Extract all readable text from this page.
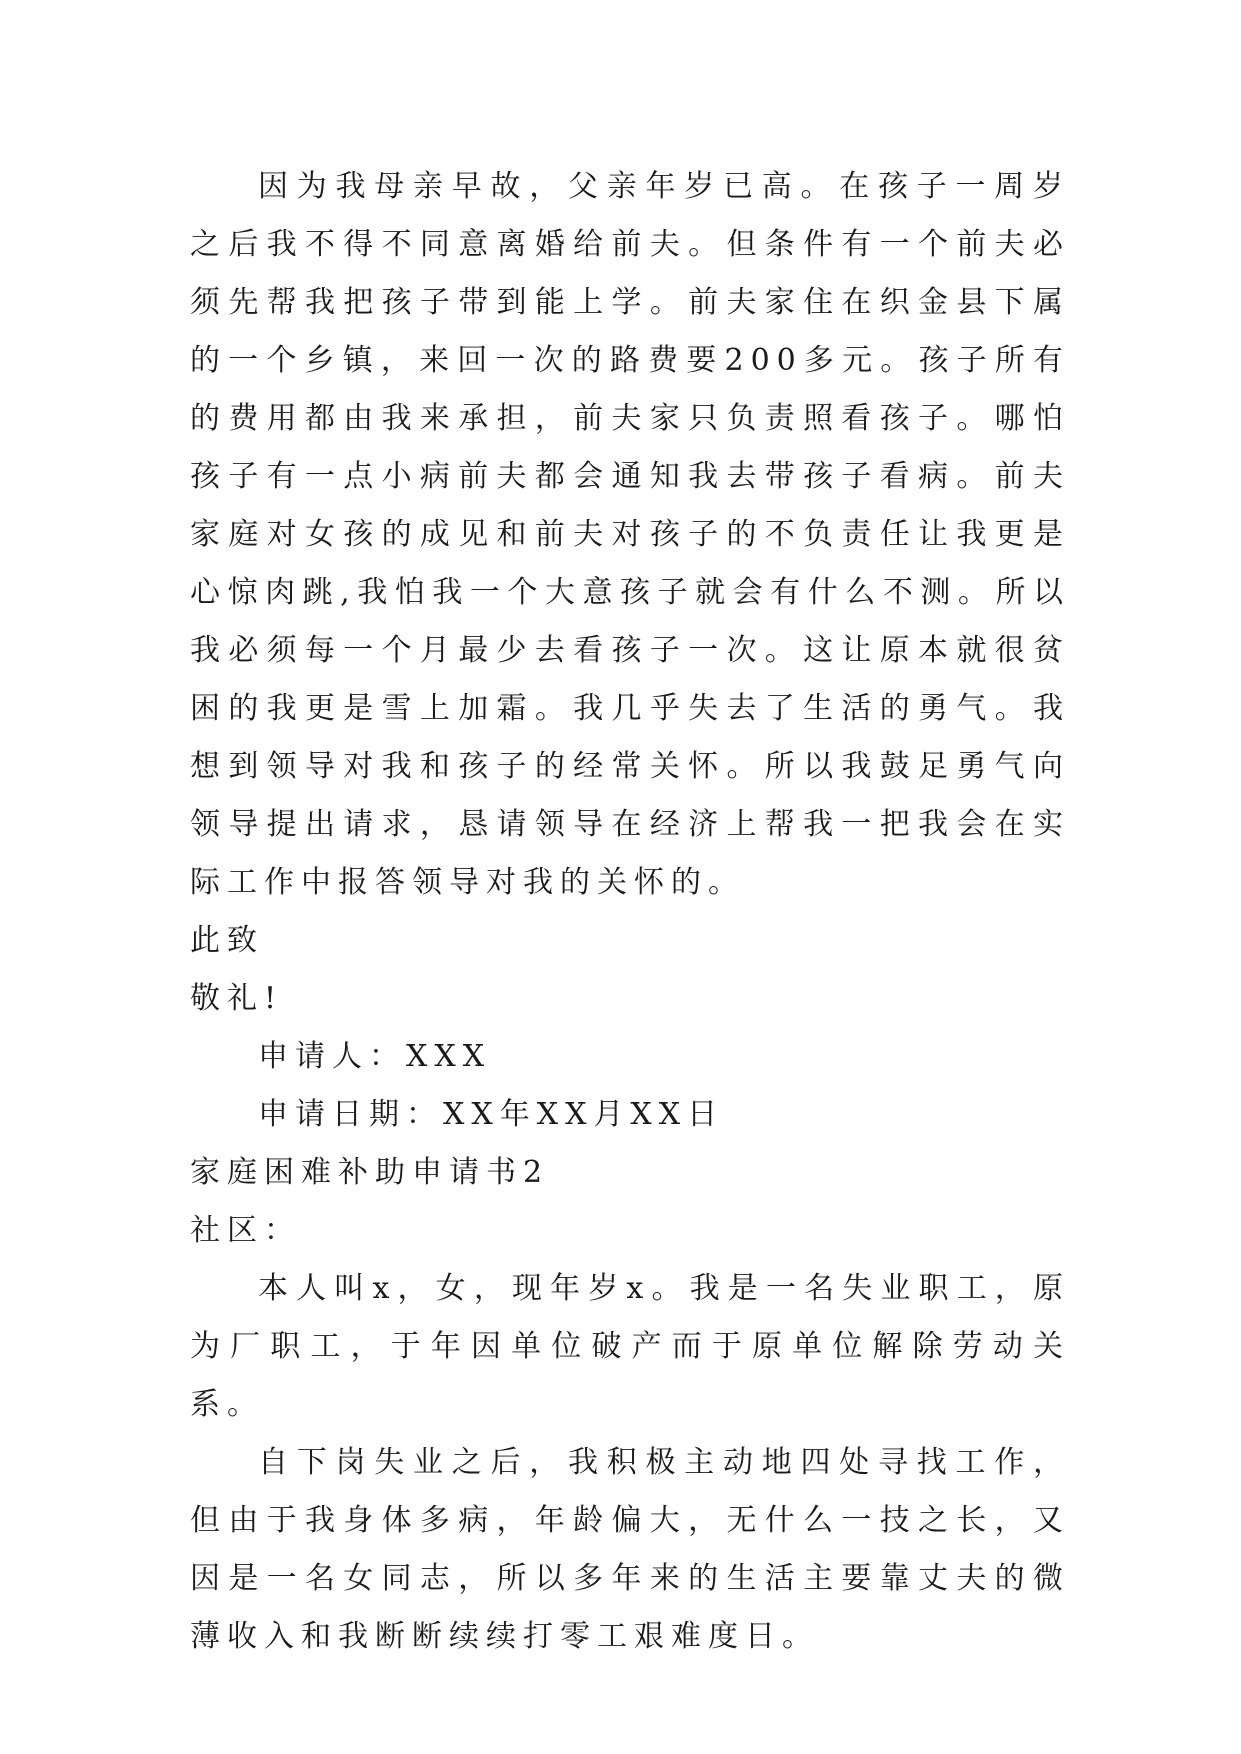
因为我母亲早故，父亲年岁已高。在孩子一周岁之后我不得不同意离婚给前夫。但条件有一个前夫必须先帮我把孩子带到能上学。前夫家住在织金县下属的一个乡镇，来回一次的路费要200多元。孩子所有的费用都由我来承担，前夫家只负责照看孩子。哪怕孩子有一点小病前夫都会通知我去带孩子看病。前夫家庭对女孩的成见和前夫对孩子的不负责任让我更是心惊肉跳,我怕我一个大意孩子就会有什么不测。所以我必须每一个月最少去看孩子一次。这让原本就很贫困的我更是雪上加霜。我几乎失去了生活的勇气。我想到领导对我和孩子的经常关怀。所以我鼓足勇气向领导提出请求，恳请领导在经济上帮我一把我会在实际工作中报答领导对我的关怀的。

此致

敬礼!

申请人：XXX

申请日期：XX年XX月XX日

家庭困难补助申请书2

社区：

本人叫x，女，现年岁x。我是一名失业职工，原为厂职工，于年因单位破产而于原单位解除劳动关系。

自下岗失业之后，我积极主动地四处寻找工作，但由于我身体多病，年龄偏大，无什么一技之长，又因是一名女同志，所以多年来的生活主要靠丈夫的微薄收入和我断断续续打零工艰难度日。
